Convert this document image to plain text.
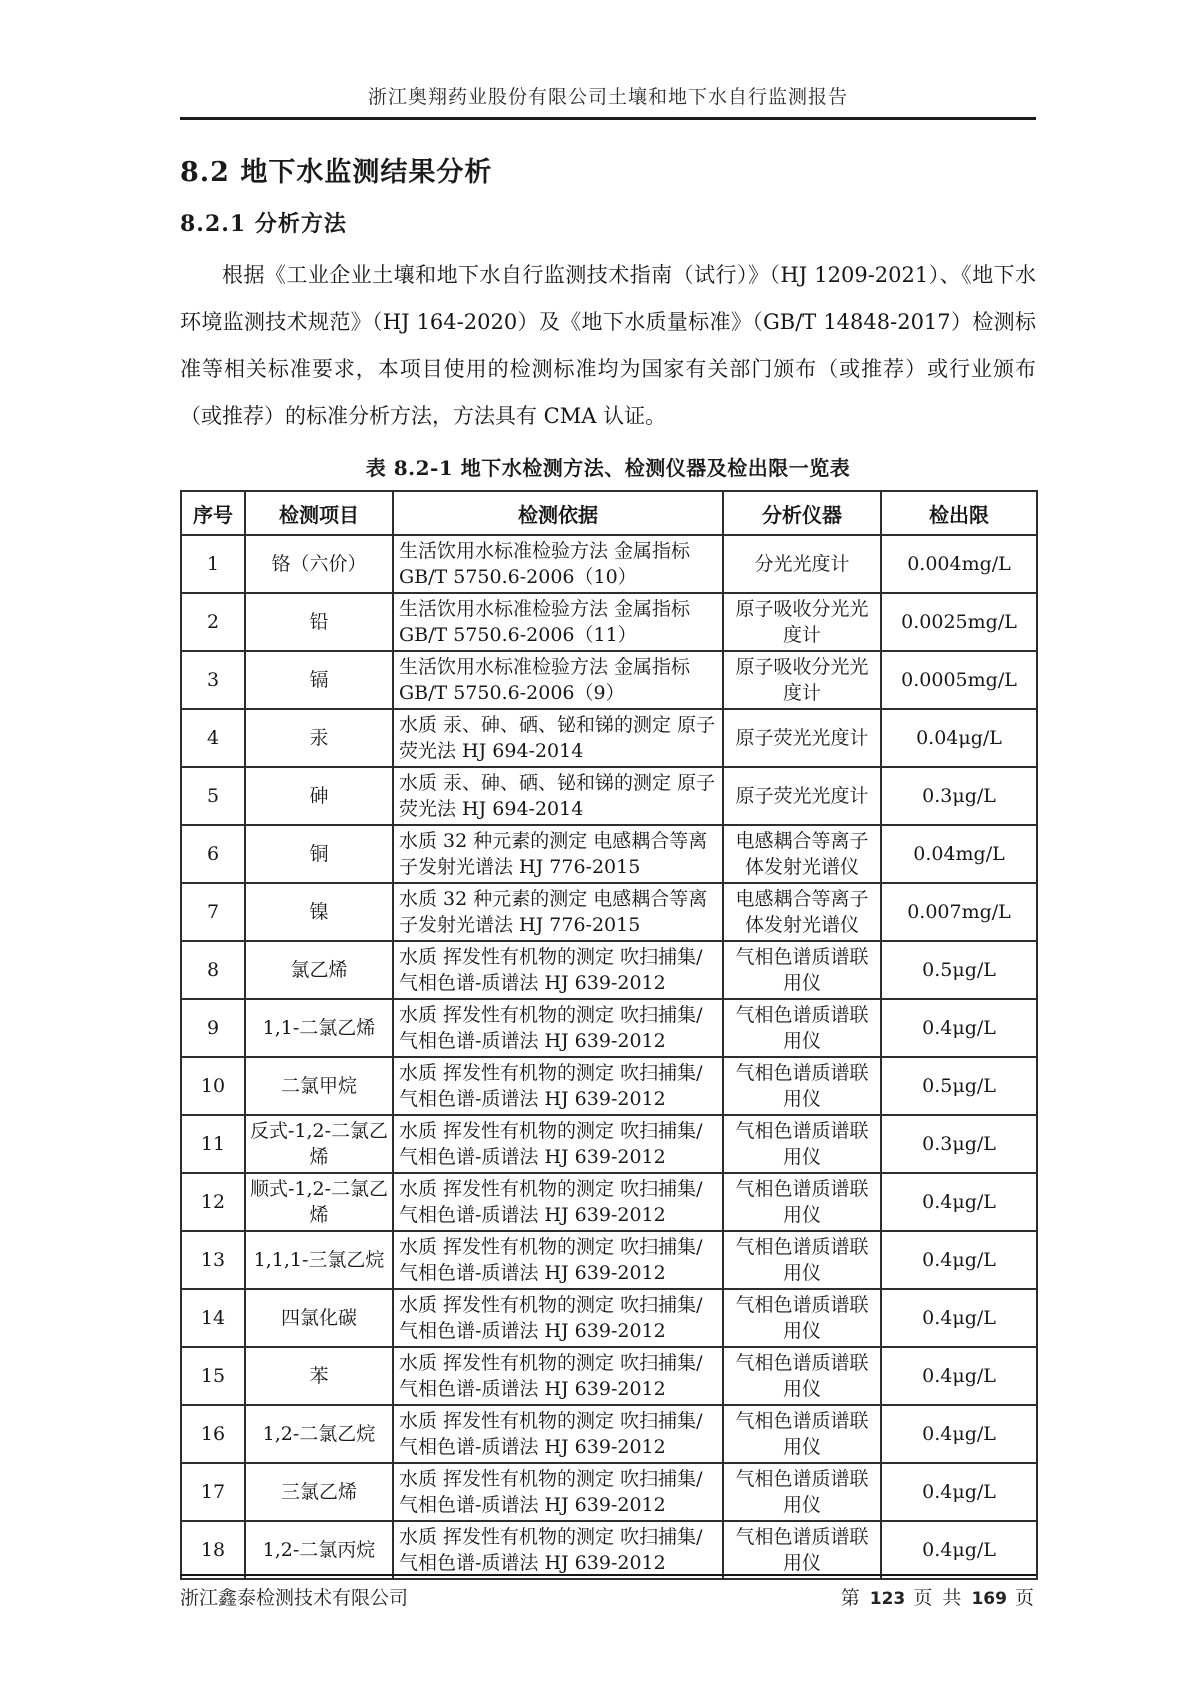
浙江奥翔药业股份有限公司土壤和地下水自行监测报告
8.2 地下水监测结果分析
8.2.1 分析方法
根据《工业企业土壤和地下水自行监测技术指南（试行）》（HJ 1209-2021）、《地下水环境监测技术规范》（HJ 164-2020）及《地下水质量标准》（GB/T 14848-2017）检测标准等相关标准要求，本项目使用的检测标准均为国家有关部门颁布（或推荐）或行业颁布（或推荐）的标准分析方法，方法具有 CMA 认证。
表 8.2-1 地下水检测方法、检测仪器及检出限一览表
序号	检测项目	检测依据	分析仪器	检出限
1	铬（六价）	生活饮用水标准检验方法 金属指标 GB/T 5750.6-2006（10）	分光光度计	0.004mg/L
2	铅	生活饮用水标准检验方法 金属指标 GB/T 5750.6-2006（11）	原子吸收分光光度计	0.0025mg/L
3	镉	生活饮用水标准检验方法 金属指标 GB/T 5750.6-2006（9）	原子吸收分光光度计	0.0005mg/L
4	汞	水质 汞、砷、硒、铋和锑的测定 原子荧光法 HJ 694-2014	原子荧光光度计	0.04μg/L
5	砷	水质 汞、砷、硒、铋和锑的测定 原子荧光法 HJ 694-2014	原子荧光光度计	0.3μg/L
6	铜	水质 32 种元素的测定 电感耦合等离子发射光谱法 HJ 776-2015	电感耦合等离子体发射光谱仪	0.04mg/L
7	镍	水质 32 种元素的测定 电感耦合等离子发射光谱法 HJ 776-2015	电感耦合等离子体发射光谱仪	0.007mg/L
8	氯乙烯	水质 挥发性有机物的测定 吹扫捕集/气相色谱-质谱法 HJ 639-2012	气相色谱质谱联用仪	0.5μg/L
9	1,1-二氯乙烯	水质 挥发性有机物的测定 吹扫捕集/气相色谱-质谱法 HJ 639-2012	气相色谱质谱联用仪	0.4μg/L
10	二氯甲烷	水质 挥发性有机物的测定 吹扫捕集/气相色谱-质谱法 HJ 639-2012	气相色谱质谱联用仪	0.5μg/L
11	反式-1,2-二氯乙烯	水质 挥发性有机物的测定 吹扫捕集/气相色谱-质谱法 HJ 639-2012	气相色谱质谱联用仪	0.3μg/L
12	顺式-1,2-二氯乙烯	水质 挥发性有机物的测定 吹扫捕集/气相色谱-质谱法 HJ 639-2012	气相色谱质谱联用仪	0.4μg/L
13	1,1,1-三氯乙烷	水质 挥发性有机物的测定 吹扫捕集/气相色谱-质谱法 HJ 639-2012	气相色谱质谱联用仪	0.4μg/L
14	四氯化碳	水质 挥发性有机物的测定 吹扫捕集/气相色谱-质谱法 HJ 639-2012	气相色谱质谱联用仪	0.4μg/L
15	苯	水质 挥发性有机物的测定 吹扫捕集/气相色谱-质谱法 HJ 639-2012	气相色谱质谱联用仪	0.4μg/L
16	1,2-二氯乙烷	水质 挥发性有机物的测定 吹扫捕集/气相色谱-质谱法 HJ 639-2012	气相色谱质谱联用仪	0.4μg/L
17	三氯乙烯	水质 挥发性有机物的测定 吹扫捕集/气相色谱-质谱法 HJ 639-2012	气相色谱质谱联用仪	0.4μg/L
18	1,2-二氯丙烷	水质 挥发性有机物的测定 吹扫捕集/气相色谱-质谱法 HJ 639-2012	气相色谱质谱联用仪	0.4μg/L
浙江鑫泰检测技术有限公司	第 123 页 共 169 页
